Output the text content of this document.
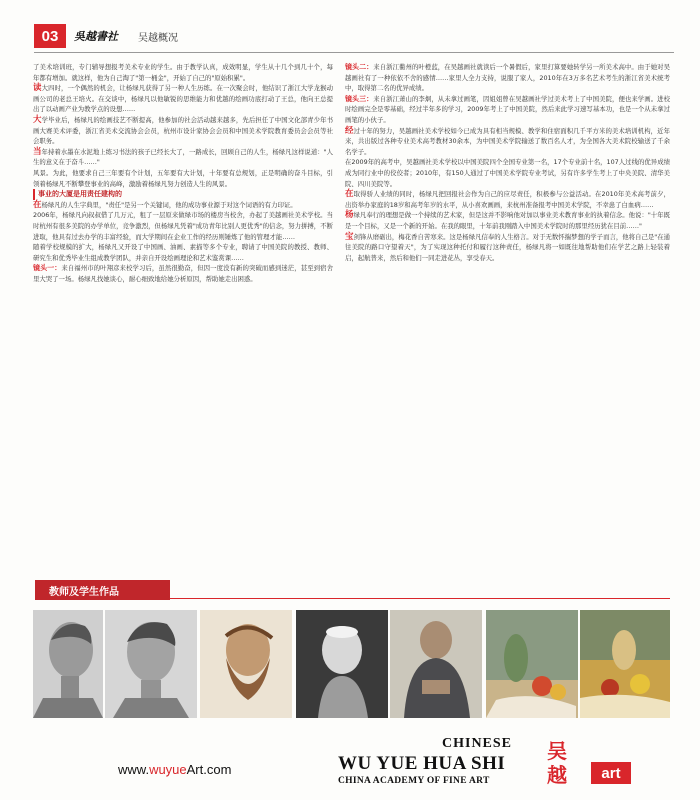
03	吳越書社 吴越概况

了美术培训班，专门辅导想报考美术专业的学生。由于教学认真，成效明显，学生从十几个到几十个，每年都有增加。就这样，他为自己淘了"第一桶金"，开始了自己的"原始积累"。

读大四时，一个偶然的机会，让杨绿凡获得了另一种人生历练。在一次聚会时，他结识了浙江大学龙猴动画公司的老总王培火。在交谈中，杨绿凡以他敏锐的思维能力和优越的绘画功底打动了王总，他向王总提出了以动画产业为教学点的设想……

大学毕业后，杨绿凡的绘画技艺不断提高，他参加的社会活动越来越多，先后担任了中国文化部青少年书画大赛美术评委，浙江省美术交流协会会员，杭州市设计家协会会员和中国美术学院教育委员会会员等社会职务。

当年持着水墨在水泥地上练习书法的孩子已经长大了，一路成长，回顾自己的人生，杨绿凡这样说道："人生的意义在于奋斗……"

风景。为此，他要求自己三年要有个计划，五年要有大计划，十年要有总规划，正是明确的奋斗目标，引领着杨绿凡不断攀登事业的高峰，激励着杨绿凡努力创造人生的风景。

事业的大厦是用责任建构的

在杨绿凡的人生字典里，"责任"是另一个关键词，他的成功事业源于对这个词语的有力印证。

2006年，杨绿凡向叔叔借了几万元，租了一层原来做绿市场的楼房当校舍，办起了美越画社美术学校。当时杭州有很多美院的办学单位，竞争激烈，但杨绿凡凭着"成功青年比别人更优秀"的信念，努力拼搏，不断进取，他具有过去办学的丰富经验，而大学期间在企业工作的经历则锤炼了他的管理才能……

随着学校规模的扩大，杨绿凡又开设了中国画、油画、素描等多个专业，聘请了中国美院的教授、教师、研究生和优秀毕业生组成教学团队，并亲自开设绘画理论和艺术鉴赏课……

镜头一：来自福州市的叶翔彦来校学习后，虽然很勤奋，但因一度没有新的突破而感到迷茫，甚至到宿舍里大哭了一场。杨绿凡找她谈心，耐心细致地给她分析原因，帮助她走出困惑。

镜头二：来自浙江衢州的叶橙蓝，在吴越画社就读后一个暑假后，家里打算要她转学另一所美术高中。由于她对吴越画社有了一种依依不舍的感情……家里人全力支持，说服了家人，2010年在3万多名艺术考生的浙江省美术统考中，取得第二名的优异成绩。

镜头三：来自浙江萧山的李炯，从未拿过画笔，因姐姐曾在吴越画社学过美术考上了中国美院，便也来学画。进校时绘画完全是零基础，经过半年多的学习，2009年考上了中国美院，然后来此学习速写基本功，也是一个从未拿过画笔的小伙子。

经过十年的努力，吴越画社美术学校如今已成为具有相当规模、教学和住宿面积几千平方米的美术培训机构，近年来，共出版过各种专业美术高考教材30余本，为中国美术学院输送了数百名人才，为全国各大美术院校输送了千余名学子。

在2009年的高考中，吴越画社美术学校以中国美院四个全国专业第一名，17个专业前十名，107人过线的优异成绩成为同行业中的佼佼者；2010年，有150人通过了中国美术学院专业考试，另有许多学生考上了中央美院、清华美院、四川美院等。

在取得骄人业绩的同时，杨绿凡把回报社会作为自己的应尽责任，积极参与公益活动。在2010年美术高考前夕，出资举办家庭的18岁和高考年岁的水平，从小喜欢画画，来杭州准备报考中国美术学院，不幸患了白血病……

杨绿凡奉行的理想是做一个持续的艺术家，但是这并不影响他对加以事业美术教育事业的执着信念。他说："十年既是一个目标，又是一个新的开始。在我的眼里，十年前我刚踏入中国美术学院时的那里经历犹在目前……"

宝剑锋从磨砺出，梅花香自苦寒来。这是杨绿凡信奉的人生格言。对于无数怀揣梦想的学子而言，他将自己是"在通往美院的路口守望着天"，为了实现这种托付和履行这种责任，杨绿凡将一如既往地帮助他们在学艺之路上轻装着启，起航普来，然后和他们一同走进花丛，享受春天。

教师及学生作品
www.wuyueArt.com
CHINESE
WU YUE HUA SHI
CHINA ACADEMY OF FINE ART
吴
越	art
